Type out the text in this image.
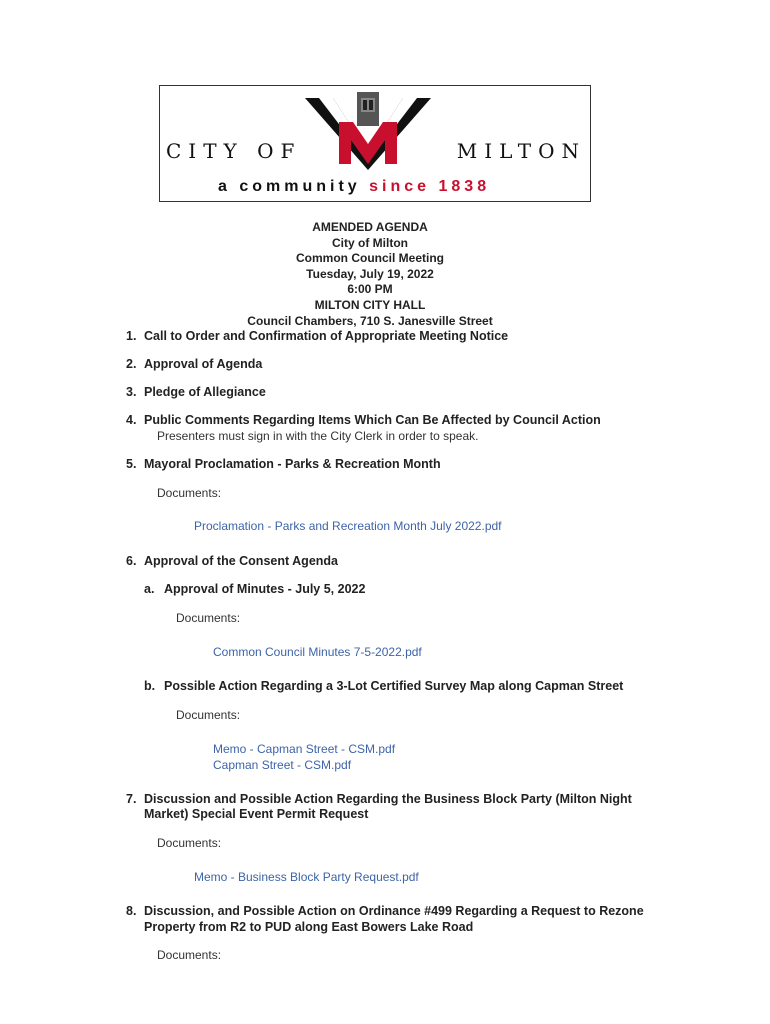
CITY OF	MILTON
a community since 1838
AMENDED AGENDA
City of Milton
Common Council Meeting
Tuesday, July 19, 2022
6:00 PM
MILTON CITY HALL
Council Chambers, 710 S. Janesville Street
1. Call to Order and Confirmation of Appropriate Meeting Notice
2. Approval of Agenda
3. Pledge of Allegiance
4. Public Comments Regarding Items Which Can Be Affected by Council Action
Presenters must sign in with the City Clerk in order to speak.
5. Mayoral Proclamation - Parks & Recreation Month
Documents:
Proclamation - Parks and Recreation Month July 2022.pdf
6. Approval of the Consent Agenda
a. Approval of Minutes - July 5, 2022
Documents:
Common Council Minutes 7-5-2022.pdf
b. Possible Action Regarding a 3-Lot Certified Survey Map along Capman Street
Documents:
Memo - Capman Street - CSM.pdf
Capman Street - CSM.pdf
7. Discussion and Possible Action Regarding the Business Block Party (Milton Night
Market) Special Event Permit Request
Documents:
Memo - Business Block Party Request.pdf
8. Discussion, and Possible Action on Ordinance #499 Regarding a Request to Rezone
Property from R2 to PUD along East Bowers Lake Road
Documents:
